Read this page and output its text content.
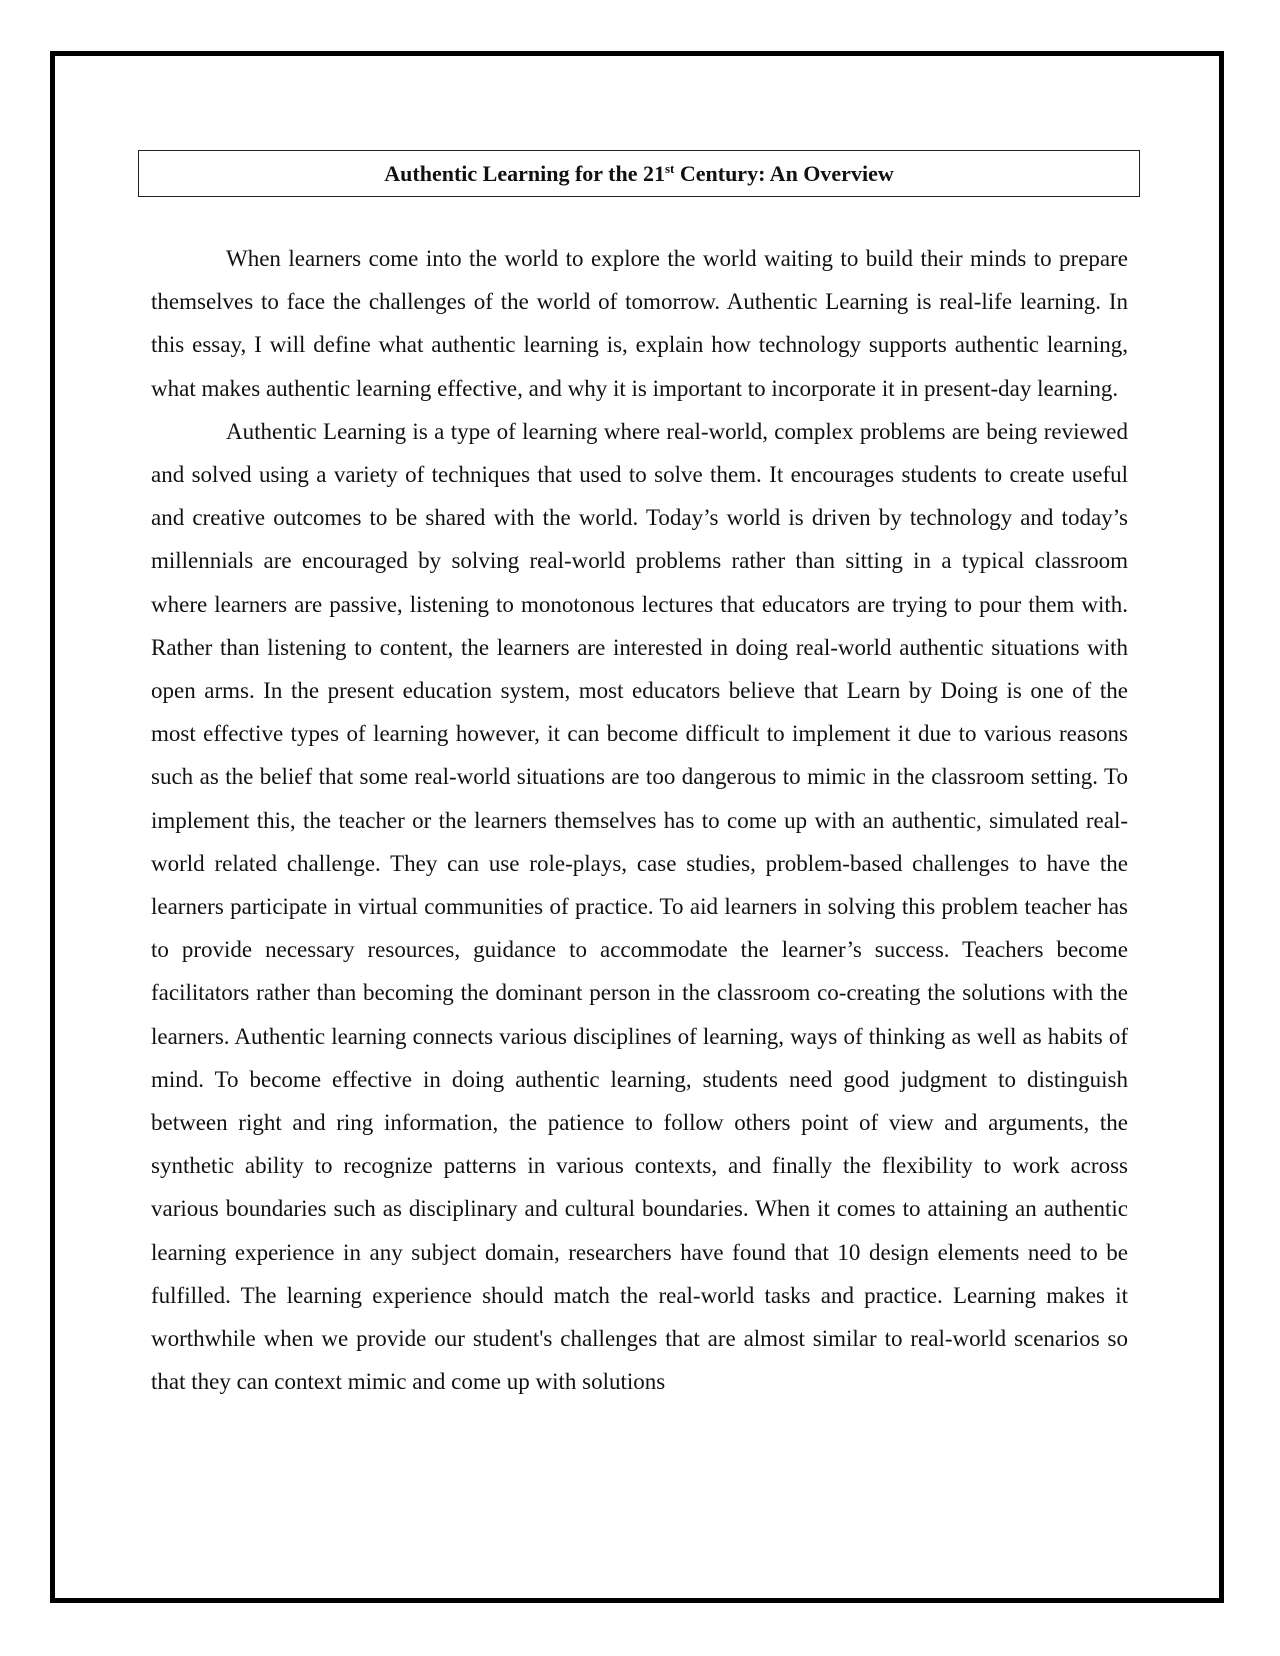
Authentic Learning for the 21st Century: An Overview

When learners come into the world to explore the world waiting to build their minds to prepare themselves to face the challenges of the world of tomorrow. Authentic Learning is real-life learning. In this essay, I will define what authentic learning is, explain how technology supports authentic learning, what makes authentic learning effective, and why it is important to incorporate it in present-day learning.

Authentic Learning is a type of learning where real-world, complex problems are being reviewed and solved using a variety of techniques that used to solve them. It encourages students to create useful and creative outcomes to be shared with the world. Today’s world is driven by technology and today’s millennials are encouraged by solving real-world problems rather than sitting in a typical classroom where learners are passive, listening to monotonous lectures that educators are trying to pour them with. Rather than listening to content, the learners are interested in doing real-world authentic situations with open arms. In the present education system, most educators believe that Learn by Doing is one of the most effective types of learning however, it can become difficult to implement it due to various reasons such as the belief that some real-world situations are too dangerous to mimic in the classroom setting. To implement this, the teacher or the learners themselves has to come up with an authentic, simulated real-world related challenge. They can use role-plays, case studies, problem-based challenges to have the learners participate in virtual communities of practice. To aid learners in solving this problem teacher has to provide necessary resources, guidance to accommodate the learner’s success. Teachers become facilitators rather than becoming the dominant person in the classroom co-creating the solutions with the learners. Authentic learning connects various disciplines of learning, ways of thinking as well as habits of mind. To become effective in doing authentic learning, students need good judgment to distinguish between right and ring information, the patience to follow others point of view and arguments, the synthetic ability to recognize patterns in various contexts, and finally the flexibility to work across various boundaries such as disciplinary and cultural boundaries. When it comes to attaining an authentic learning experience in any subject domain, researchers have found that 10 design elements need to be fulfilled. The learning experience should match the real-world tasks and practice. Learning makes it worthwhile when we provide our student's challenges that are almost similar to real-world scenarios so that they can context mimic and come up with solutions
